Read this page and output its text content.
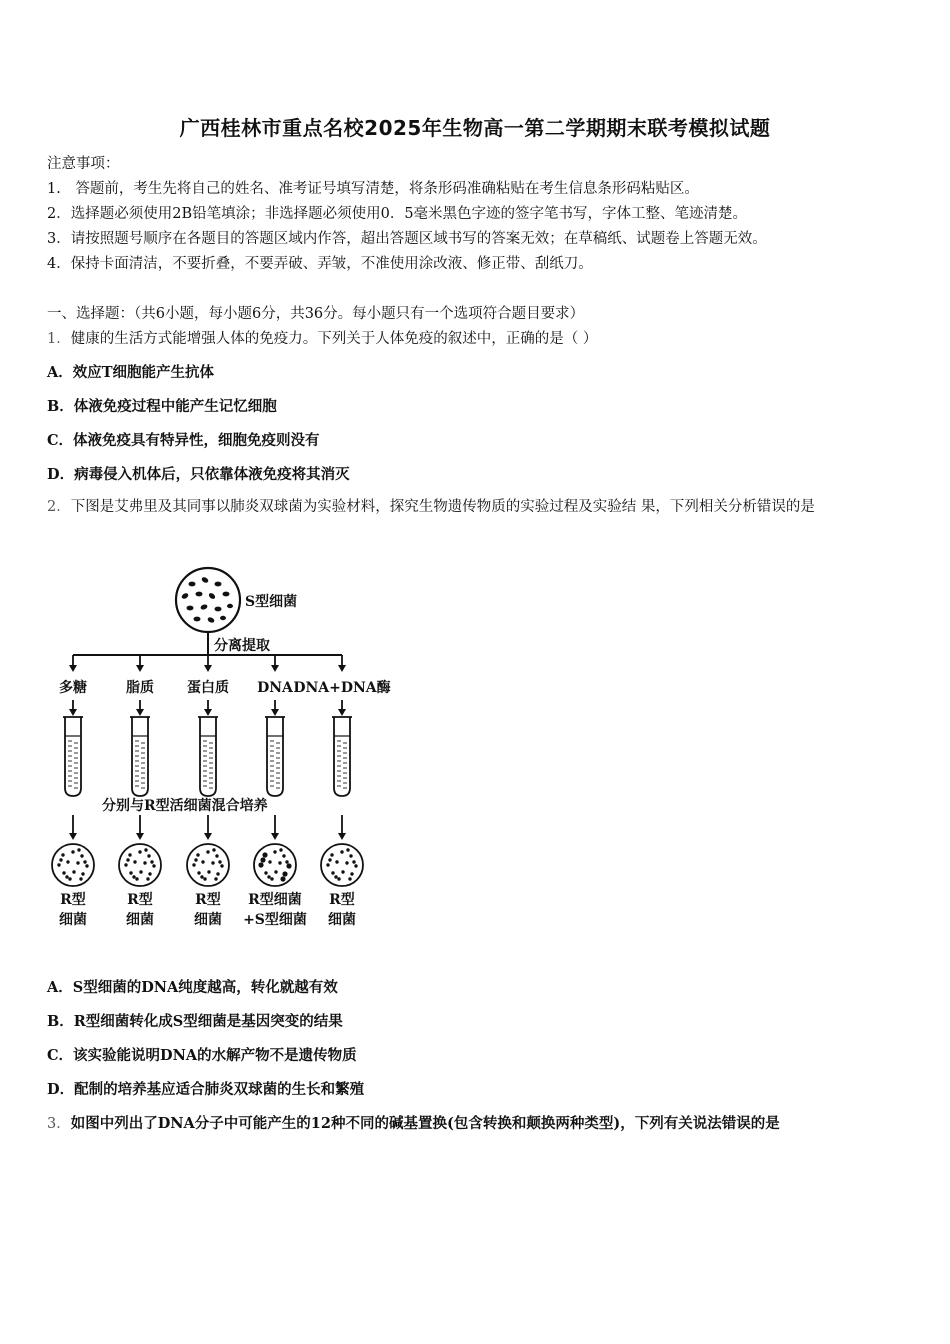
广西桂林市重点名校2025年生物高一第二学期期末联考模拟试题
注意事项：
1.　答题前，考生先将自己的姓名、准考证号填写清楚，将条形码准确粘贴在考生信息条形码粘贴区。
2．选择题必须使用2B铅笔填涂；非选择题必须使用0．5毫米黑色字迹的签字笔书写，字体工整、笔迹清楚。
3．请按照题号顺序在各题目的答题区域内作答，超出答题区域书写的答案无效；在草稿纸、试题卷上答题无效。
4．保持卡面清洁，不要折叠，不要弄破、弄皱，不准使用涂改液、修正带、刮纸刀。
一、选择题：（共6小题，每小题6分，共36分。每小题只有一个选项符合题目要求）
1．健康的生活方式能增强人体的免疫力。下列关于人体免疫的叙述中，正确的是（ ）
A．效应T细胞能产生抗体
B．体液免疫过程中能产生记忆细胞
C．体液免疫具有特异性，细胞免疫则没有
D．病毒侵入机体后，只依靠体液免疫将其消灭
2．下图是艾弗里及其同事以肺炎双球菌为实验材料，探究生物遗传物质的实验过程及实验结 果，下列相关分析错误的是
S型细菌
分离提取
多糖
R型
细菌
脂质
R型
细菌
蛋白质
R型
细菌
DNA
R型细菌
+S型细菌
DNA+DNA酶
R型
细菌
分别与R型活细菌混合培养
A．S型细菌的DNA纯度越高，转化就越有效
B．R型细菌转化成S型细菌是基因突变的结果
C．该实验能说明DNA的水解产物不是遗传物质
D．配制的培养基应适合肺炎双球菌的生长和繁殖
3．如图中列出了DNA分子中可能产生的12种不同的碱基置换(包含转换和颠换两种类型)，下列有关说法错误的是
